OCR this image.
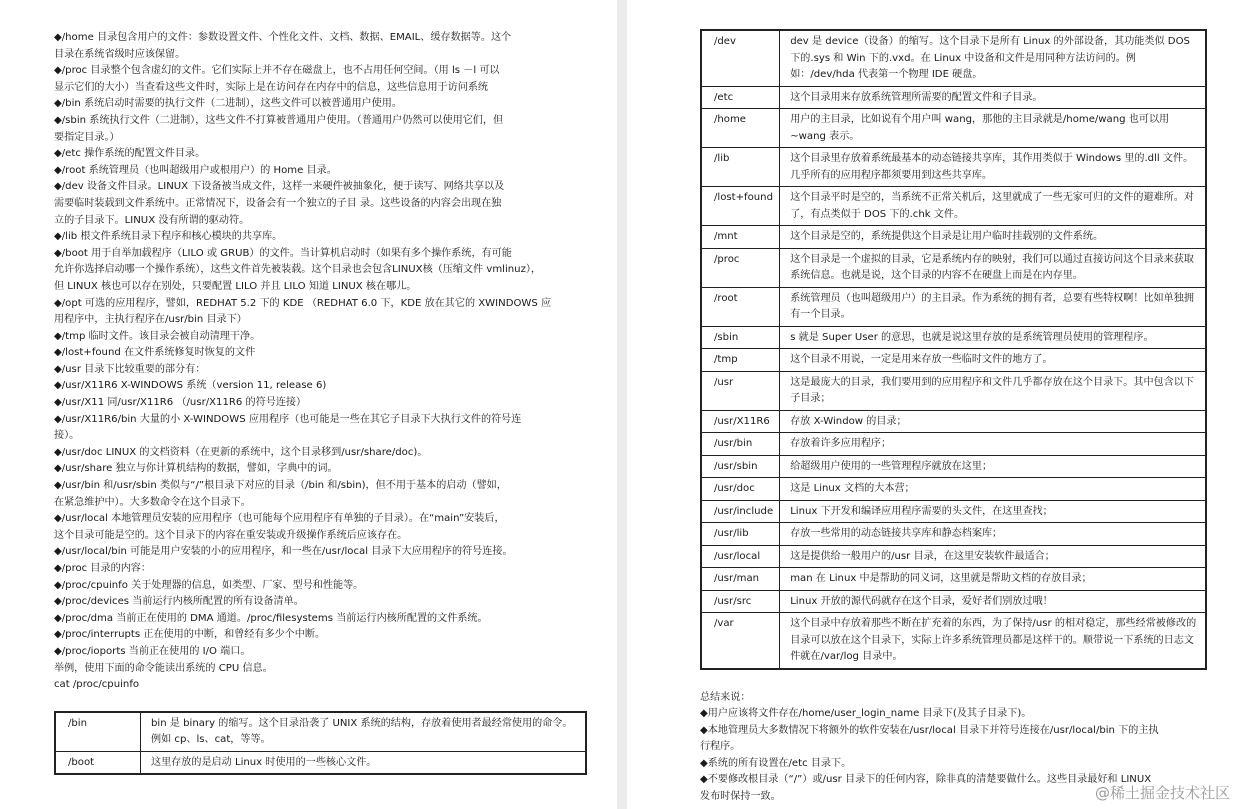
◆/home 目录包含用户的文件：参数设置文件、个性化文件、文档、数据、EMAIL、缓存数据等。这个
目录在系统省级时应该保留。
◆/proc 目录整个包含虚幻的文件。它们实际上并不存在磁盘上，也不占用任何空间。（用 ls －l 可以
显示它们的大小）当查看这些文件时，实际上是在访问存在内存中的信息，这些信息用于访问系统
◆/bin 系统启动时需要的执行文件（二进制），这些文件可以被普通用户使用。
◆/sbin 系统执行文件（二进制），这些文件不打算被普通用户使用。（普通用户仍然可以使用它们，但
要指定目录。）
◆/etc 操作系统的配置文件目录。
◆/root 系统管理员（也叫超级用户或根用户）的 Home 目录。
◆/dev 设备文件目录。LINUX 下设备被当成文件，这样一来硬件被抽象化，便于读写、网络共享以及
需要临时装载到文件系统中。正常情况下，设备会有一个独立的子目 录。这些设备的内容会出现在独
立的子目录下。LINUX 没有所谓的驱动符。
◆/lib 根文件系统目录下程序和核心模块的共享库。
◆/boot 用于自举加载程序（LILO 或 GRUB）的文件。当计算机启动时（如果有多个操作系统，有可能
允许你选择启动哪一个操作系统），这些文件首先被装载。这个目录也会包含LINUX核（压缩文件 vmlinuz），
但 LINUX 核也可以存在别处，只要配置 LILO 并且 LILO 知道 LINUX 核在哪儿。
◆/opt 可选的应用程序，譬如，REDHAT 5.2 下的 KDE （REDHAT 6.0 下，KDE 放在其它的 XWINDOWS 应
用程序中，主执行程序在/usr/bin 目录下）
◆/tmp 临时文件。该目录会被自动清理干净。
◆/lost+found 在文件系统修复时恢复的文件
◆/usr 目录下比较重要的部分有：
◆/usr/X11R6 X-WINDOWS 系统（version 11, release 6)
◆/usr/X11 同/usr/X11R6 （/usr/X11R6 的符号连接）
◆/usr/X11R6/bin 大量的小 X-WINDOWS 应用程序（也可能是一些在其它子目录下大执行文件的符号连
接）。
◆/usr/doc LINUX 的文档资料（在更新的系统中，这个目录移到/usr/share/doc)。
◆/usr/share 独立与你计算机结构的数据，譬如，字典中的词。
◆/usr/bin 和/usr/sbin 类似与“/”根目录下对应的目录（/bin 和/sbin)，但不用于基本的启动（譬如，
在紧急维护中）。大多数命令在这个目录下。
◆/usr/local 本地管理员安装的应用程序（也可能每个应用程序有单独的子目录）。在“main”安装后，
这个目录可能是空的。这个目录下的内容在重安装或升级操作系统后应该存在。
◆/usr/local/bin 可能是用户安装的小的应用程序，和一些在/usr/local 目录下大应用程序的符号连接。
◆/proc 目录的内容：
◆/proc/cpuinfo 关于处理器的信息，如类型、厂家、型号和性能等。
◆/proc/devices 当前运行内核所配置的所有设备清单。
◆/proc/dma 当前正在使用的 DMA 通道。/proc/filesystems 当前运行内核所配置的文件系统。
◆/proc/interrupts 正在使用的中断，和曾经有多少个中断。
◆/proc/ioports 当前正在使用的 I/O 端口。
举例，使用下面的命令能读出系统的 CPU 信息。
cat /proc/cpuinfo
/bin	bin 是 binary 的缩写。这个目录沿袭了 UNIX 系统的结构，存放着使用者最经常使用的命令。例如 cp、ls、cat，等等。
/boot	这里存放的是启动 Linux 时使用的一些核心文件。
/dev	dev 是 device（设备）的缩写。这个目录下是所有 Linux 的外部设备，其功能类似 DOS 下的.sys 和 Win 下的.vxd。在 Linux 中设备和文件是用同种方法访问的。例如：/dev/hda 代表第一个物理 IDE 硬盘。
/etc	这个目录用来存放系统管理所需要的配置文件和子目录。
/home	用户的主目录，比如说有个用户叫 wang，那他的主目录就是/home/wang 也可以用~wang 表示。
/lib	这个目录里存放着系统最基本的动态链接共享库，其作用类似于 Windows 里的.dll 文件。几乎所有的应用程序都须要用到这些共享库。
/lost+found	这个目录平时是空的，当系统不正常关机后，这里就成了一些无家可归的文件的避难所。对了，有点类似于 DOS 下的.chk 文件。
/mnt	这个目录是空的，系统提供这个目录是让用户临时挂载别的文件系统。
/proc	这个目录是一个虚拟的目录，它是系统内存的映射，我们可以通过直接访问这个目录来获取系统信息。也就是说，这个目录的内容不在硬盘上而是在内存里。
/root	系统管理员（也叫超级用户）的主目录。作为系统的拥有者，总要有些特权啊！比如单独拥有一个目录。
/sbin	s 就是 Super User 的意思，也就是说这里存放的是系统管理员使用的管理程序。
/tmp	这个目录不用说，一定是用来存放一些临时文件的地方了。
/usr	这是最庞大的目录，我们要用到的应用程序和文件几乎都存放在这个目录下。其中包含以下子目录；
/usr/X11R6	存放 X-Window 的目录；
/usr/bin	存放着许多应用程序；
/usr/sbin	给超级用户使用的一些管理程序就放在这里；
/usr/doc	这是 Linux 文档的大本营；
/usr/include	Linux 下开发和编译应用程序需要的头文件，在这里查找；
/usr/lib	存放一些常用的动态链接共享库和静态档案库；
/usr/local	这是提供给一般用户的/usr 目录，在这里安装软件最适合；
/usr/man	man 在 Linux 中是帮助的同义词，这里就是帮助文档的存放目录；
/usr/src	Linux 开放的源代码就存在这个目录，爱好者们别放过哦！
/var	这个目录中存放着那些不断在扩充着的东西，为了保持/usr 的相对稳定，那些经常被修改的目录可以放在这个目录下，实际上许多系统管理员都是这样干的。顺带说一下系统的日志文件就在/var/log 目录中。
总结来说：
◆用户应该将文件存在/home/user_login_name 目录下(及其子目录下)。
◆本地管理员大多数情况下将额外的软件安装在/usr/local 目录下并符号连接在/usr/local/bin 下的主执
行程序。
◆系统的所有设置在/etc 目录下。
◆不要修改根目录（“/”）或/usr 目录下的任何内容，除非真的清楚要做什么。这些目录最好和 LINUX
发布时保持一致。	@稀土掘金技术社区
